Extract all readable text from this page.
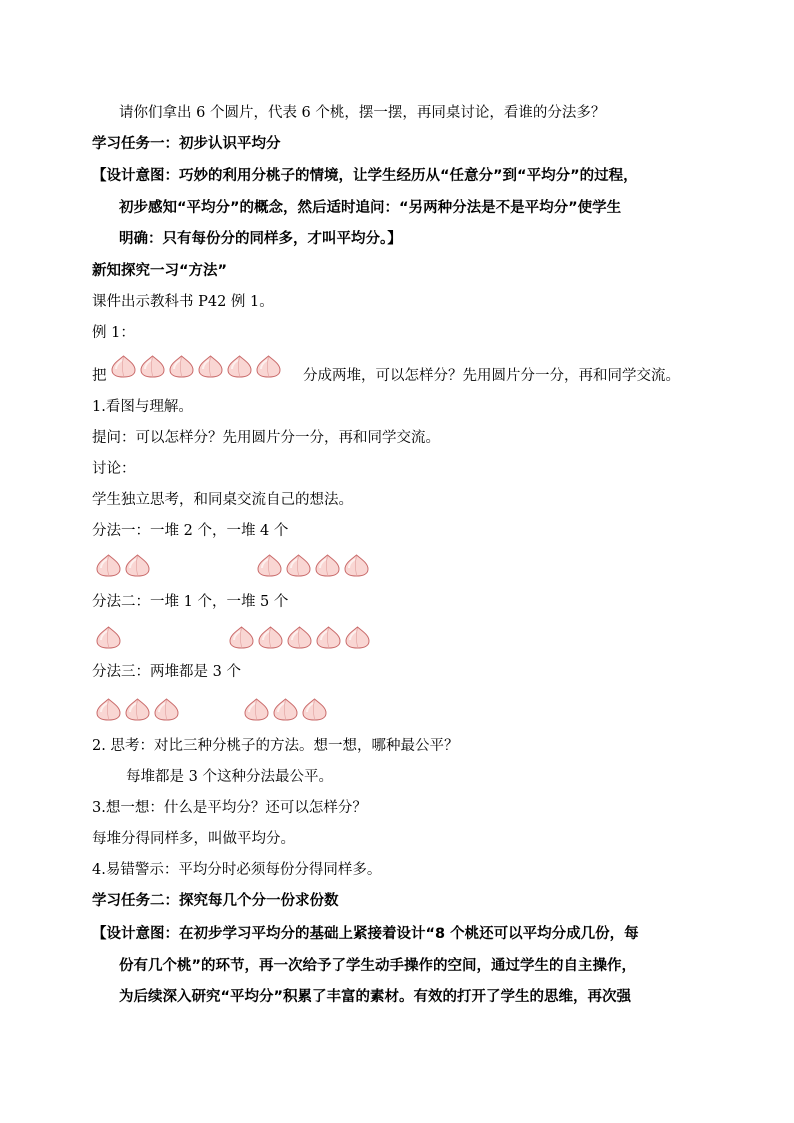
请你们拿出 6 个圆片，代表 6 个桃，摆一摆，再同桌讨论，看谁的分法多？
学习任务一：初步认识平均分
【设计意图：巧妙的利用分桃子的情境，让学生经历从“任意分”到“平均分”的过程，
初步感知“平均分”的概念，然后适时追问：“另两种分法是不是平均分”使学生
明确：只有每份分的同样多，才叫平均分。】
新知探究一习“方法”
课件出示教科书 P42 例 1。
例 1：
把	分成两堆，可以怎样分？先用圆片分一分，再和同学交流。
1.看图与理解。
提问：可以怎样分？先用圆片分一分，再和同学交流。
讨论：
学生独立思考，和同桌交流自己的想法。
分法一：一堆 2 个，一堆 4 个
分法二：一堆 1 个，一堆 5 个
分法三：两堆都是 3 个
2. 思考：对比三种分桃子的方法。想一想，哪种最公平？
每堆都是 3 个这种分法最公平。
3.想一想：什么是平均分？还可以怎样分？
每堆分得同样多，叫做平均分。
4.易错警示：平均分时必须每份分得同样多。
学习任务二：探究每几个分一份求份数
【设计意图：在初步学习平均分的基础上紧接着设计“8 个桃还可以平均分成几份，每
份有几个桃”的环节，再一次给予了学生动手操作的空间，通过学生的自主操作，
为后续深入研究“平均分”积累了丰富的素材。有效的打开了学生的思维，再次强
